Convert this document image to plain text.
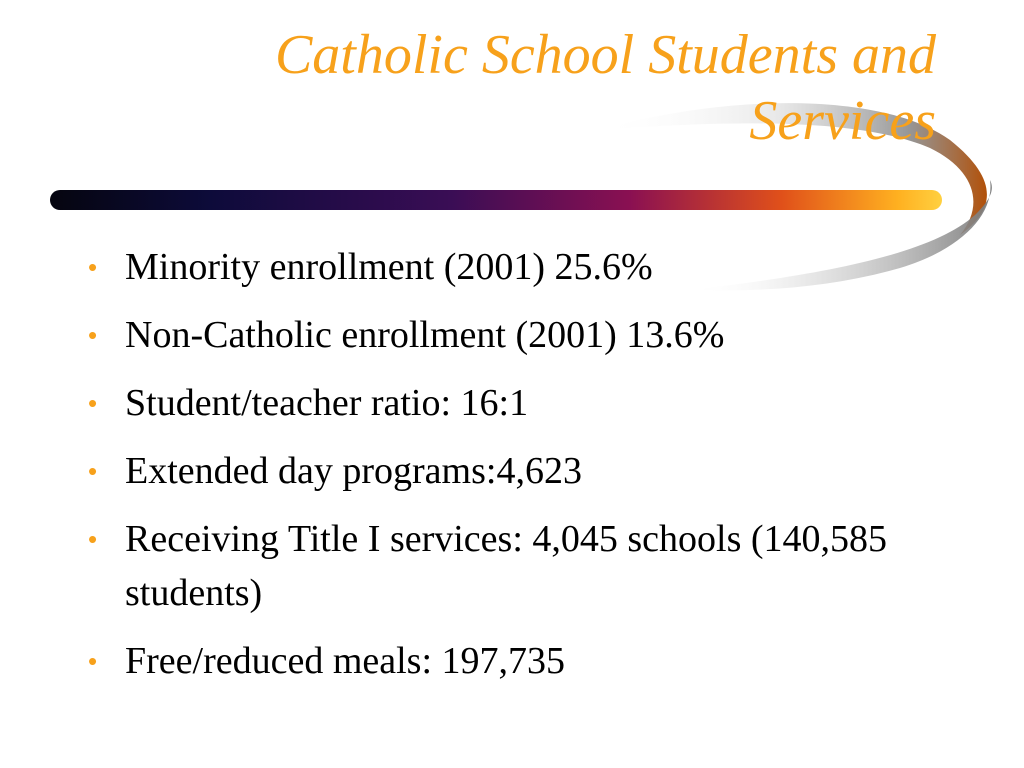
Catholic School Students and Services
• Minority enrollment (2001) 25.6%
• Non-Catholic enrollment (2001) 13.6%
• Student/teacher ratio: 16:1
• Extended day programs:4,623
• Receiving Title I services: 4,045 schools (140,585 students)
• Free/reduced meals: 197,735
